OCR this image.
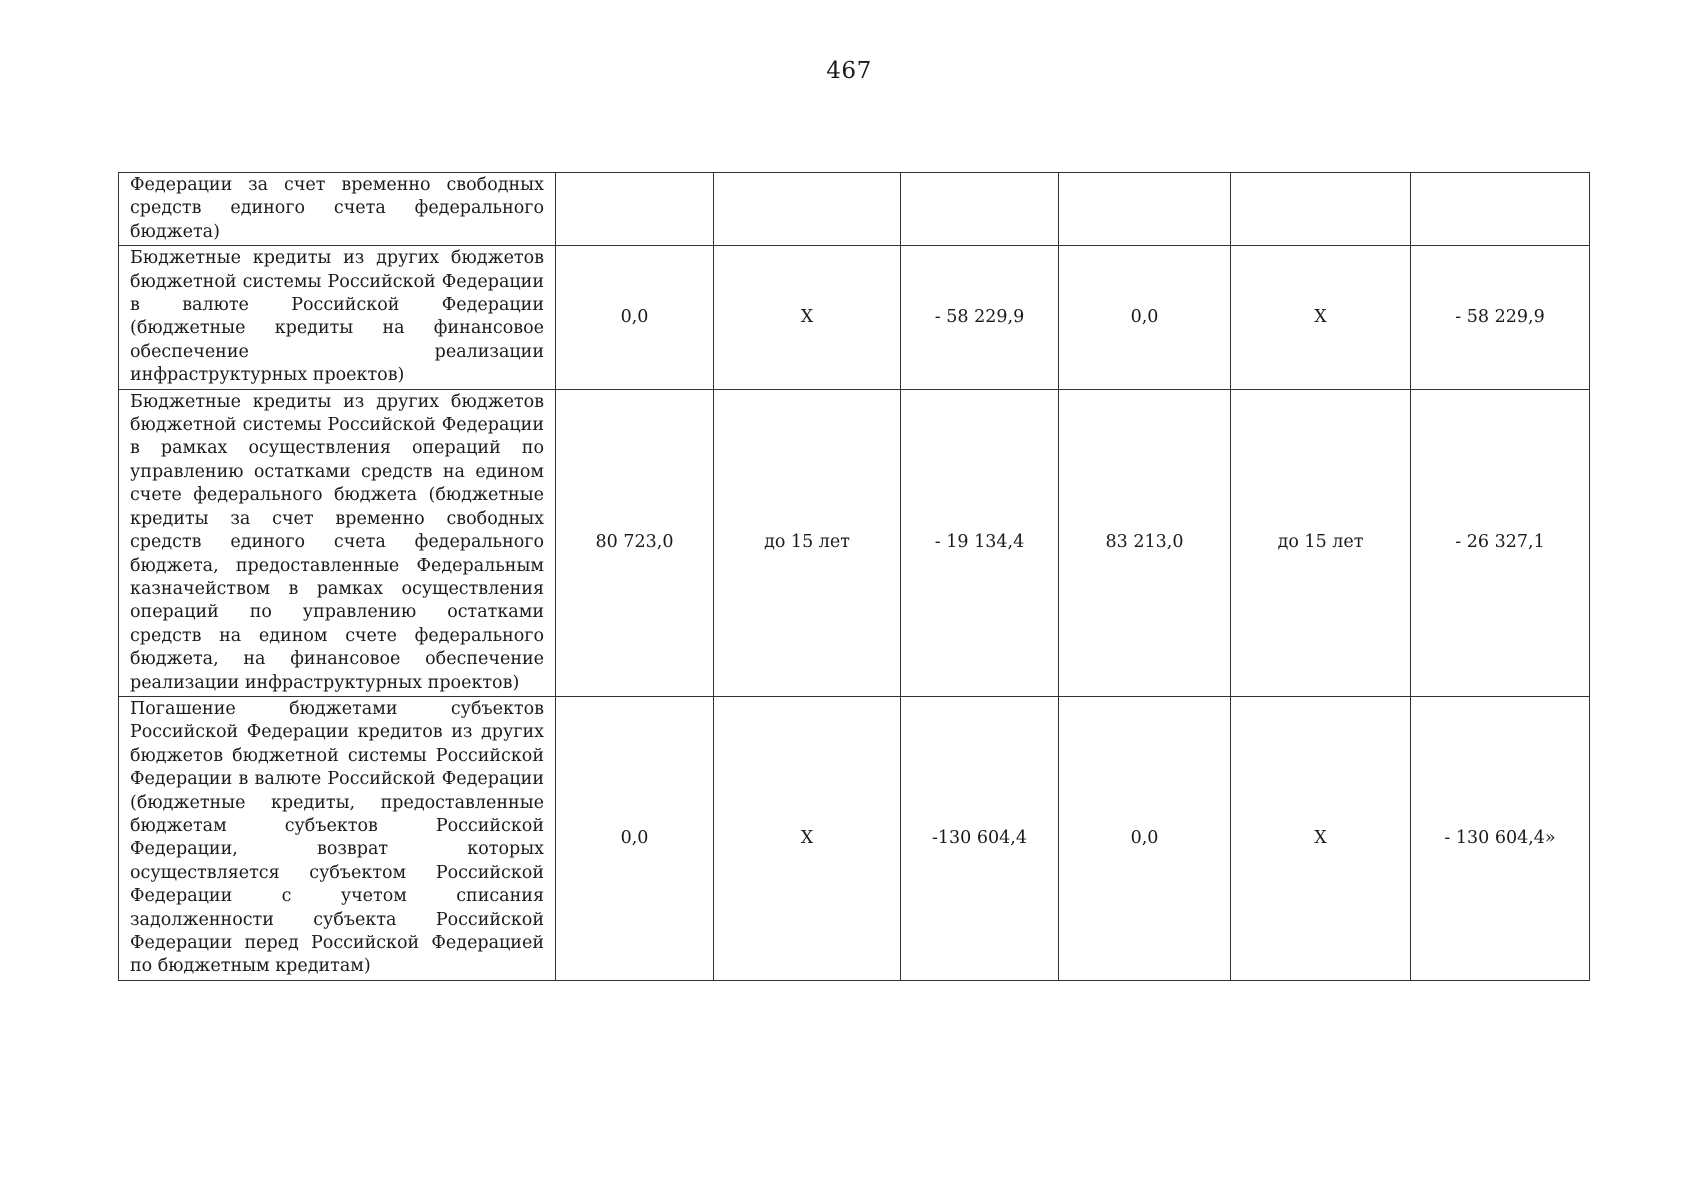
467
Федерации за счет временно свободных средств единого счета федерального бюджета)						
Бюджетные кредиты из других бюджетов бюджетной системы Российской Федерации в валюте Российской Федерации (бюджетные кредиты на финансовое обеспечение реализации инфраструктурных проектов)	0,0	Х	- 58 229,9	0,0	Х	- 58 229,9
Бюджетные кредиты из других бюджетов бюджетной системы Российской Федерации в рамках осуществления операций по управлению остатками средств на едином счете федерального бюджета (бюджетные кредиты за счет временно свободных средств единого счета федерального бюджета, предоставленные Федеральным казначейством в рамках осуществления операций по управлению остатками средств на едином счете федерального бюджета, на финансовое обеспечение реализации инфраструктурных проектов)	80 723,0	до 15 лет	- 19 134,4	83 213,0	до 15 лет	- 26 327,1
Погашение бюджетами субъектов Российской Федерации кредитов из других бюджетов бюджетной системы Российской Федерации в валюте Российской Федерации (бюджетные кредиты, предоставленные бюджетам субъектов Российской Федерации, возврат которых осуществляется субъектом Российской Федерации с учетом списания задолженности субъекта Российской Федерации перед Российской Федерацией по бюджетным кредитам)	0,0	Х	-130 604,4	0,0	Х	- 130 604,4»
